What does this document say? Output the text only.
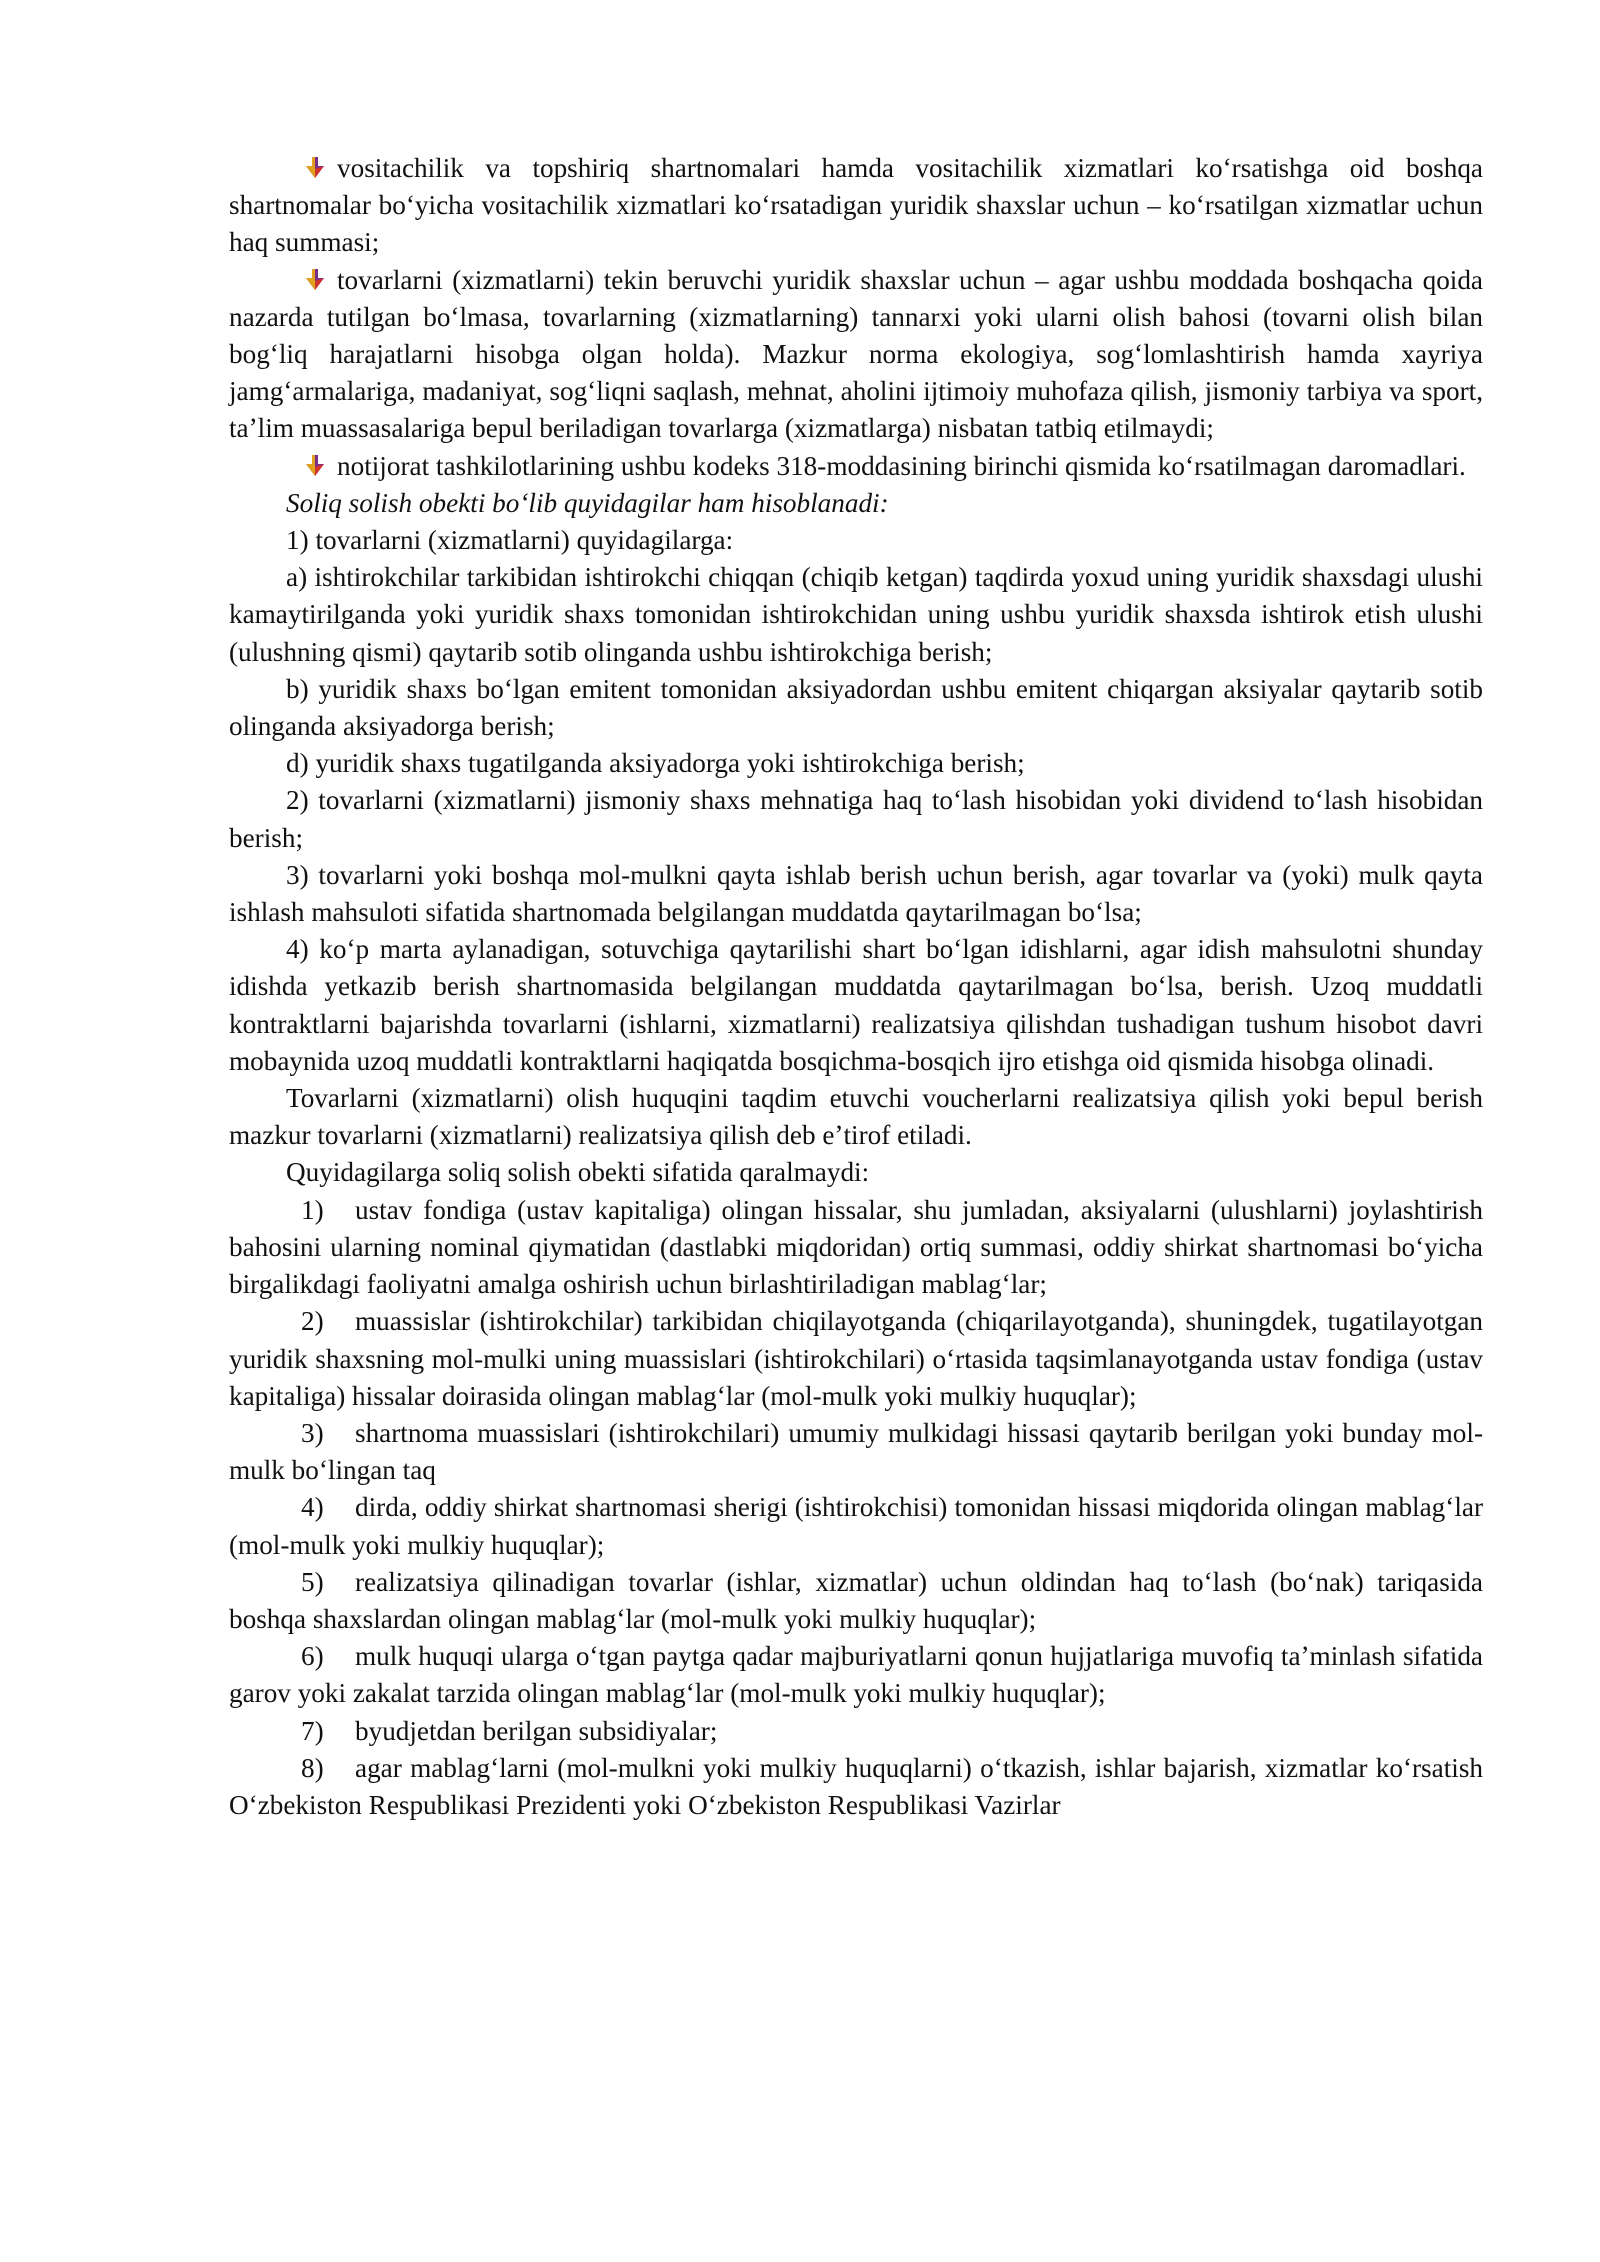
vositachilik va topshiriq shartnomalari hamda vositachilik xizmatlari koʻrsatishga oid boshqa shartnomalar boʻyicha vositachilik xizmatlari koʻrsatadigan yuridik shaxslar uchun – koʻrsatilgan xizmatlar uchun haq summasi;

tovarlarni (xizmatlarni) tekin beruvchi yuridik shaxslar uchun – agar ushbu moddada boshqacha qoida nazarda tutilgan boʻlmasa, tovarlarning (xizmatlarning) tannarxi yoki ularni olish bahosi (tovarni olish bilan bogʻliq harajatlarni hisobga olgan holda). Mazkur norma ekologiya, sogʻlomlashtirish hamda xayriya jamgʻarmalariga, madaniyat, sogʻliqni saqlash, mehnat, aholini ijtimoiy muhofaza qilish, jismoniy tarbiya va sport, taʼlim muassasalariga bepul beriladigan tovarlarga (xizmatlarga) nisbatan tatbiq etilmaydi;

notijorat tashkilotlarining ushbu kodeks 318-moddasining birinchi qismida koʻrsatilmagan daromadlari.

Soliq solish obekti boʻlib quyidagilar ham hisoblanadi:

1) tovarlarni (xizmatlarni) quyidagilarga:

a) ishtirokchilar tarkibidan ishtirokchi chiqqan (chiqib ketgan) taqdirda yoxud uning yuridik shaxsdagi ulushi kamaytirilganda yoki yuridik shaxs tomonidan ishtirokchidan uning ushbu yuridik shaxsda ishtirok etish ulushi (ulushning qismi) qaytarib sotib olinganda ushbu ishtirokchiga berish;

b) yuridik shaxs boʻlgan emitent tomonidan aksiyadordan ushbu emitent chiqargan aksiyalar qaytarib sotib olinganda aksiyadorga berish;

d) yuridik shaxs tugatilganda aksiyadorga yoki ishtirokchiga berish;

2) tovarlarni (xizmatlarni) jismoniy shaxs mehnatiga haq toʻlash hisobidan yoki dividend toʻlash hisobidan berish;

3) tovarlarni yoki boshqa mol-mulkni qayta ishlab berish uchun berish, agar tovarlar va (yoki) mulk qayta ishlash mahsuloti sifatida shartnomada belgilangan muddatda qaytarilmagan boʻlsa;

4) koʻp marta aylanadigan, sotuvchiga qaytarilishi shart boʻlgan idishlarni, agar idish mahsulotni shunday idishda yetkazib berish shartnomasida belgilangan muddatda qaytarilmagan boʻlsa, berish. Uzoq muddatli kontraktlarni bajarishda tovarlarni (ishlarni, xizmatlarni) realizatsiya qilishdan tushadigan tushum hisobot davri mobaynida uzoq muddatli kontraktlarni haqiqatda bosqichma-bosqich ijro etishga oid qismida hisobga olinadi.

Tovarlarni (xizmatlarni) olish huquqini taqdim etuvchi voucherlarni realizatsiya qilish yoki bepul berish mazkur tovarlarni (xizmatlarni) realizatsiya qilish deb eʼtirof etiladi.

Quyidagilarga soliq solish obekti sifatida qaralmaydi:

1) ustav fondiga (ustav kapitaliga) olingan hissalar, shu jumladan, aksiyalarni (ulushlarni) joylashtirish bahosini ularning nominal qiymatidan (dastlabki miqdoridan) ortiq summasi, oddiy shirkat shartnomasi boʻyicha birgalikdagi faoliyatni amalga oshirish uchun birlashtiriladigan mablagʻlar;

2) muassislar (ishtirokchilar) tarkibidan chiqilayotganda (chiqarilayotganda), shuningdek, tugatilayotgan yuridik shaxsning mol-mulki uning muassislari (ishtirokchilari) oʻrtasida taqsimlanayotganda ustav fondiga (ustav kapitaliga) hissalar doirasida olingan mablagʻlar (mol-mulk yoki mulkiy huquqlar);

3) shartnoma muassislari (ishtirokchilari) umumiy mulkidagi hissasi qaytarib berilgan yoki bunday mol-mulk boʻlingan taq

4) dirda, oddiy shirkat shartnomasi sherigi (ishtirokchisi) tomonidan hissasi miqdorida olingan mablagʻlar (mol-mulk yoki mulkiy huquqlar);

5) realizatsiya qilinadigan tovarlar (ishlar, xizmatlar) uchun oldindan haq toʻlash (boʻnak) tariqasida boshqa shaxslardan olingan mablagʻlar (mol-mulk yoki mulkiy huquqlar);

6) mulk huquqi ularga oʻtgan paytga qadar majburiyatlarni qonun hujjatlariga muvofiq taʼminlash sifatida garov yoki zakalat tarzida olingan mablagʻlar (mol-mulk yoki mulkiy huquqlar);

7) byudjetdan berilgan subsidiyalar;

8) agar mablagʻlarni (mol-mulkni yoki mulkiy huquqlarni) oʻtkazish, ishlar bajarish, xizmatlar koʻrsatish Oʻzbekiston Respublikasi Prezidenti yoki Oʻzbekiston Respublikasi Vazirlar
